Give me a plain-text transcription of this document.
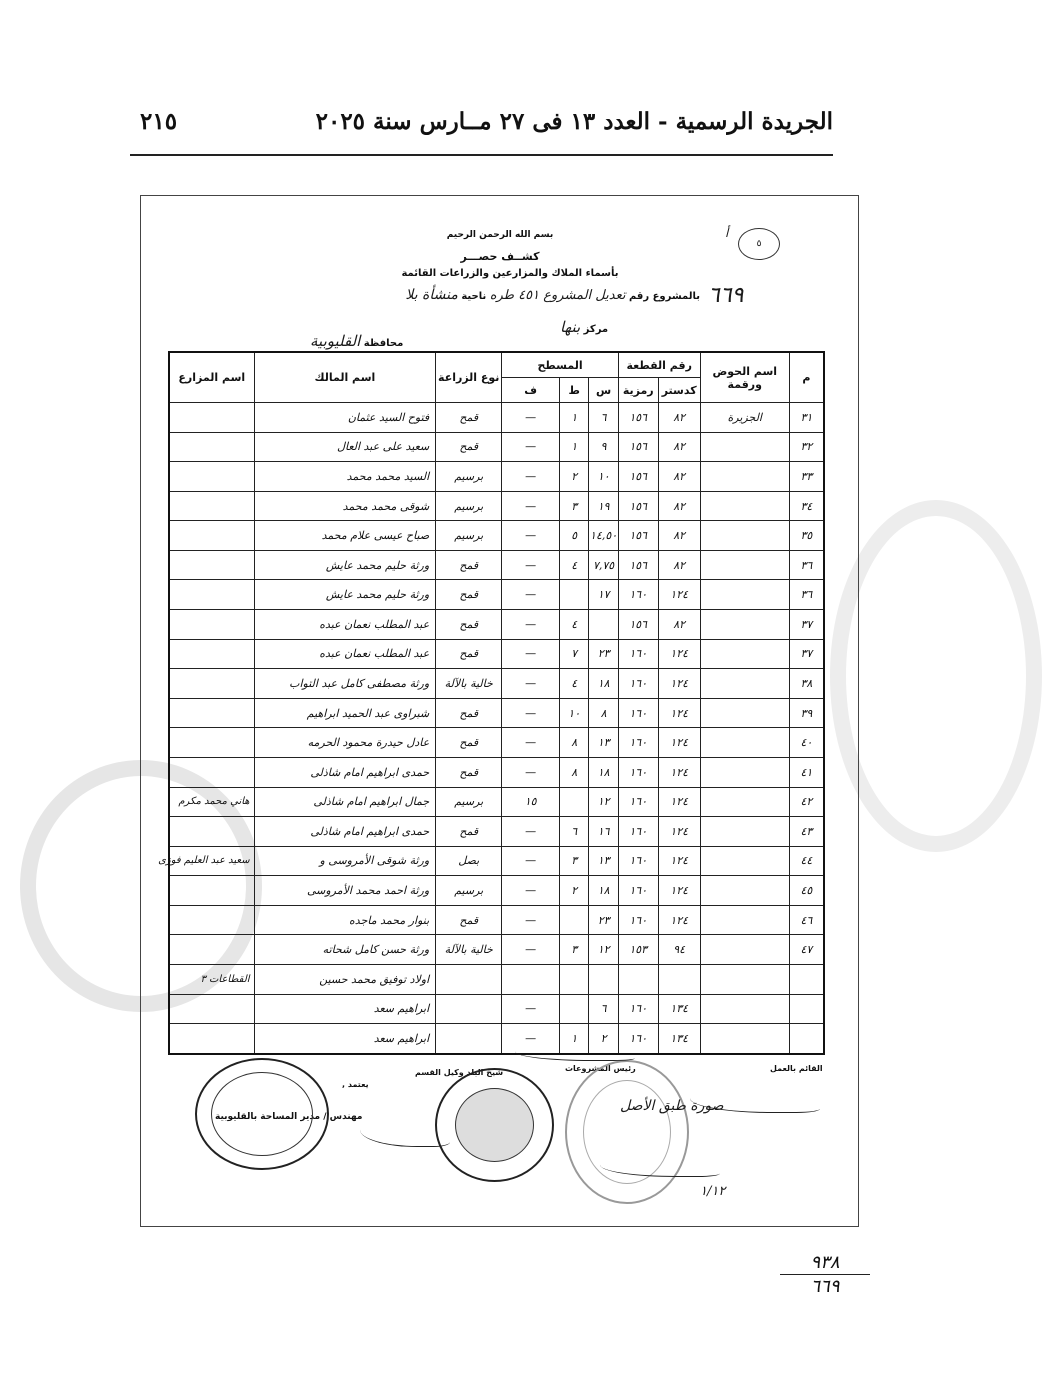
الجريدة الرسمية - العدد ١٣ فى ٢٧ مــارس سنة ٢٠٢٥
٢١٥
بسم الله الرحمن الرحيم
كشــف حصـــر
بأسماء الملاك والمزارعين والزراعات القائمة
٥
أ
بالمشروع رقم تعديل المشروع ٤٥١ طره ناحية منشأة بلا	٦٦٩
مركز بنها
محافظة القليوبية
م	اسم الحوض ورقمة	رقم القطعة		المسطح			نوع الزراعة	اسم المالك	اسم المزارع
		كدستر	رمزية	س	ط	ف			
٣١	الجزيرة	٨٢	١٥٦	٦	١	—	قمح	فتوح السيد عثمان	
٣٢		٨٢	١٥٦	٩	١	—	قمح	سعيد على عبد العال	
٣٣		٨٢	١٥٦	١٠	٢	—	برسيم	السيد محمد محمد	
٣٤		٨٢	١٥٦	١٩	٣	—	برسيم	شوقى محمد محمد	
٣٥		٨٢	١٥٦	١٤,٥٠	٥	—	برسيم	صباح عيسى علام محمد	
٣٦		٨٢	١٥٦	٧,٧٥	٤	—	قمح	ورثة حليم محمد عايش	
٣٦		١٢٤	١٦٠	١٧		—	قمح	ورثة حليم محمد عايش	
٣٧		٨٢	١٥٦		٤	—	قمح	عبد المطلب نعمان عبده	
٣٧		١٢٤	١٦٠	٢٣	٧	—	قمح	عبد المطلب نعمان عبده	
٣٨		١٢٤	١٦٠	١٨	٤	—	خالية بالآلة	ورثة مصطفى كامل عبد التواب	
٣٩		١٢٤	١٦٠	٨	١٠	—	قمح	شبراوى عبد الحميد ابراهيم	
٤٠		١٢٤	١٦٠	١٣	٨	—	قمح	عادل حيدرة محمود الحرمه	
٤١		١٢٤	١٦٠	١٨	٨	—	قمح	حمدى ابراهيم امام شاذلى	
٤٢		١٢٤	١٦٠	١٢		١٥	برسيم	جمال ابراهيم امام شاذلى	هاني محمد مكرم
٤٣		١٢٤	١٦٠	١٦	٦	—	قمح	حمدى ابراهيم امام شاذلى	
٤٤		١٢٤	١٦٠	١٣	٣	—	بصل	ورثة شوقى الأمروسى و	سعيد عبد العليم فوزى
٤٥		١٢٤	١٦٠	١٨	٢	—	برسيم	ورثة احمد محمد الأمروسى	
٤٦		١٢٤	١٦٠	٢٣		—	قمح	بنوار محمد ماجده	
٤٧		٩٤	١٥٣	١٢	٣	—	خالية بالآلة	ورثة حسن كامل شحاته	
								اولاد توفيق محمد حسين	القطاعات ٣
		١٣٤	١٦٠	٦		—		ابراهيم سعد	
		١٣٤	١٦٠	٢	١	—		ابراهيم سعد	
القائم بالعمل
رئيس المشروعات
شيخ البلد وكيل القسم
يعتمد ,
مهندس / مدير المساحة بالقليوبية
صورة طبق الأصل
١/١٢
٩٣٨
٦٦٩
